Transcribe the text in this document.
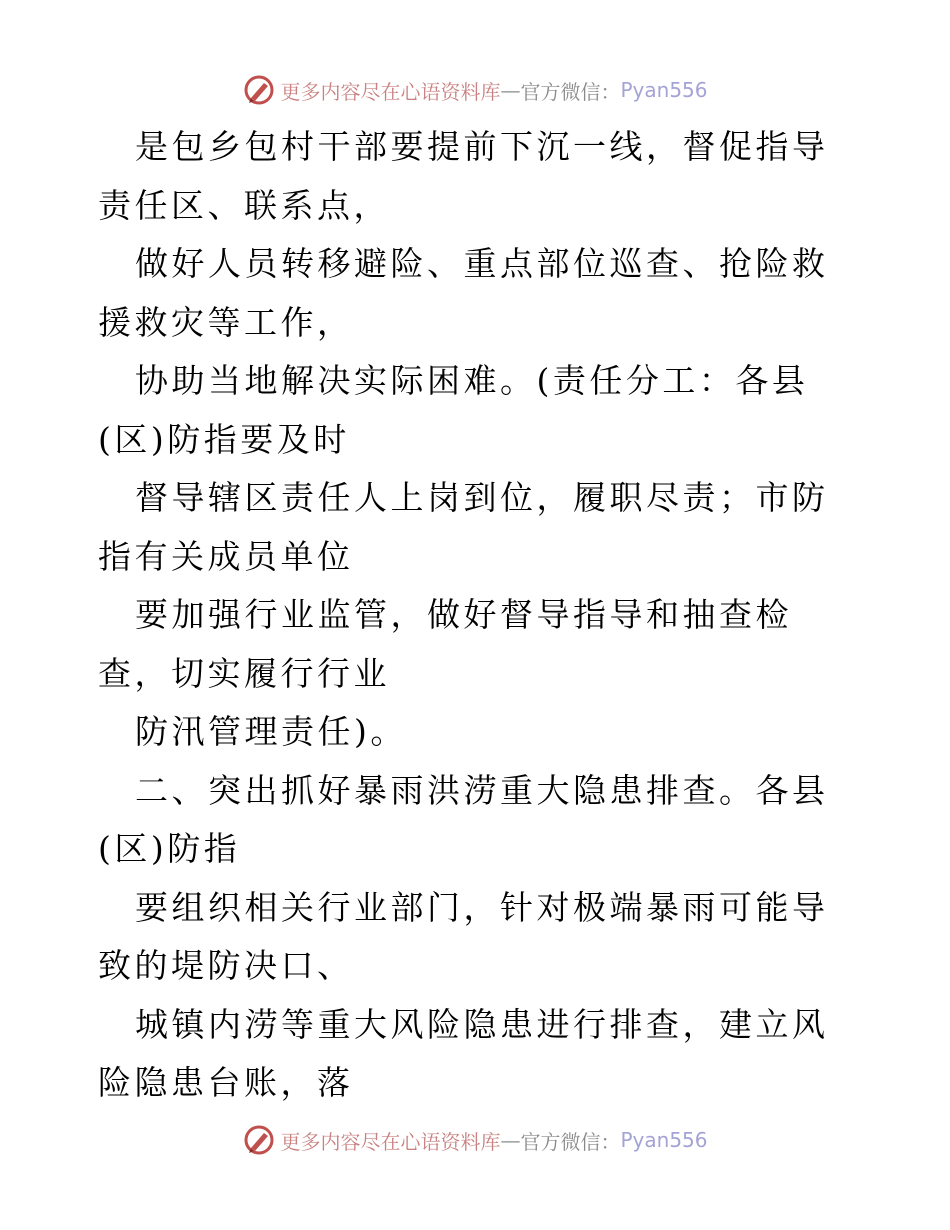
更多内容尽在心语资料库 — 官方微信： Pyan556

是包乡包村干部要提前下沉一线，督促指导责任区、联系点，

做好人员转移避险、重点部位巡查、抢险救援救灾等工作，

协助当地解决实际困难。(责任分工：各县(区)防指要及时

督导辖区责任人上岗到位，履职尽责；市防指有关成员单位

要加强行业监管，做好督导指导和抽查检查，切实履行行业

防汛管理责任)。

二、突出抓好暴雨洪涝重大隐患排查。各县(区)防指

要组织相关行业部门，针对极端暴雨可能导致的堤防决口、

城镇内涝等重大风险隐患进行排查，建立风险隐患台账，落

更多内容尽在心语资料库 — 官方微信： Pyan556
